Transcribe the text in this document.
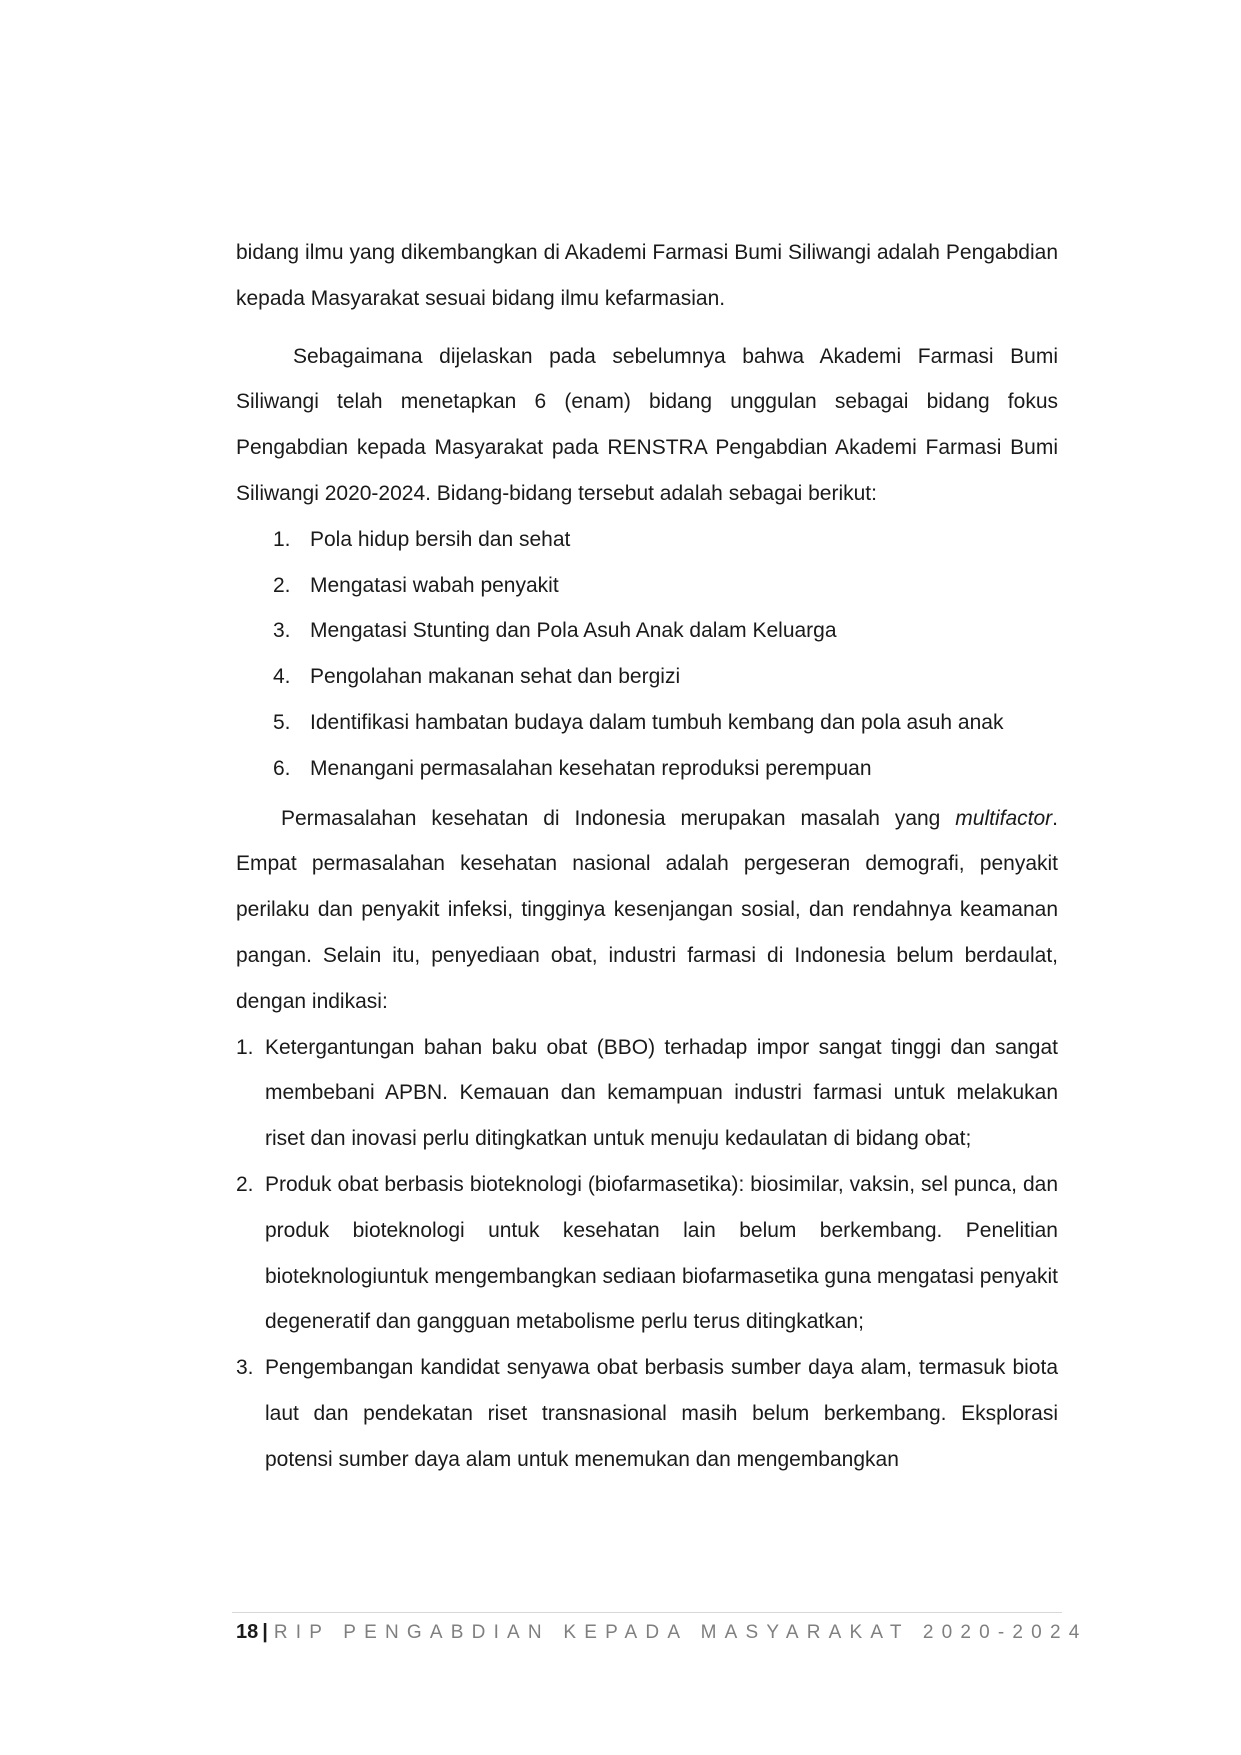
bidang ilmu yang dikembangkan di Akademi Farmasi Bumi Siliwangi adalah Pengabdian kepada Masyarakat sesuai bidang ilmu kefarmasian.

Sebagaimana dijelaskan pada sebelumnya bahwa Akademi Farmasi Bumi Siliwangi telah menetapkan 6 (enam) bidang unggulan sebagai bidang fokus Pengabdian kepada Masyarakat pada RENSTRA Pengabdian Akademi Farmasi Bumi Siliwangi 2020-2024. Bidang-bidang tersebut adalah sebagai berikut:

1. Pola hidup bersih dan sehat
2. Mengatasi wabah penyakit
3. Mengatasi Stunting dan Pola Asuh Anak dalam Keluarga
4. Pengolahan makanan sehat dan bergizi
5. Identifikasi hambatan budaya dalam tumbuh kembang dan pola asuh anak
6. Menangani permasalahan kesehatan reproduksi perempuan

Permasalahan kesehatan di Indonesia merupakan masalah yang multifactor. Empat permasalahan kesehatan nasional adalah pergeseran demografi, penyakit perilaku dan penyakit infeksi, tingginya kesenjangan sosial, dan rendahnya keamanan pangan. Selain itu, penyediaan obat, industri farmasi di Indonesia belum berdaulat, dengan indikasi:

1. Ketergantungan bahan baku obat (BBO) terhadap impor sangat tinggi dan sangat membebani APBN. Kemauan dan kemampuan industri farmasi untuk melakukan riset dan inovasi perlu ditingkatkan untuk menuju kedaulatan di bidang obat;
2. Produk obat berbasis bioteknologi (biofarmasetika): biosimilar, vaksin, sel punca, dan produk bioteknologi untuk kesehatan lain belum berkembang. Penelitian bioteknologiuntuk mengembangkan sediaan biofarmasetika guna mengatasi penyakit degeneratif dan gangguan metabolisme perlu terus ditingkatkan;
3. Pengembangan kandidat senyawa obat berbasis sumber daya alam, termasuk biota laut dan pendekatan riset transnasional masih belum berkembang. Eksplorasi potensi sumber daya alam untuk menemukan dan mengembangkan
18 | RIP PENGABDIAN KEPADA MASYARAKAT 2020-2024
